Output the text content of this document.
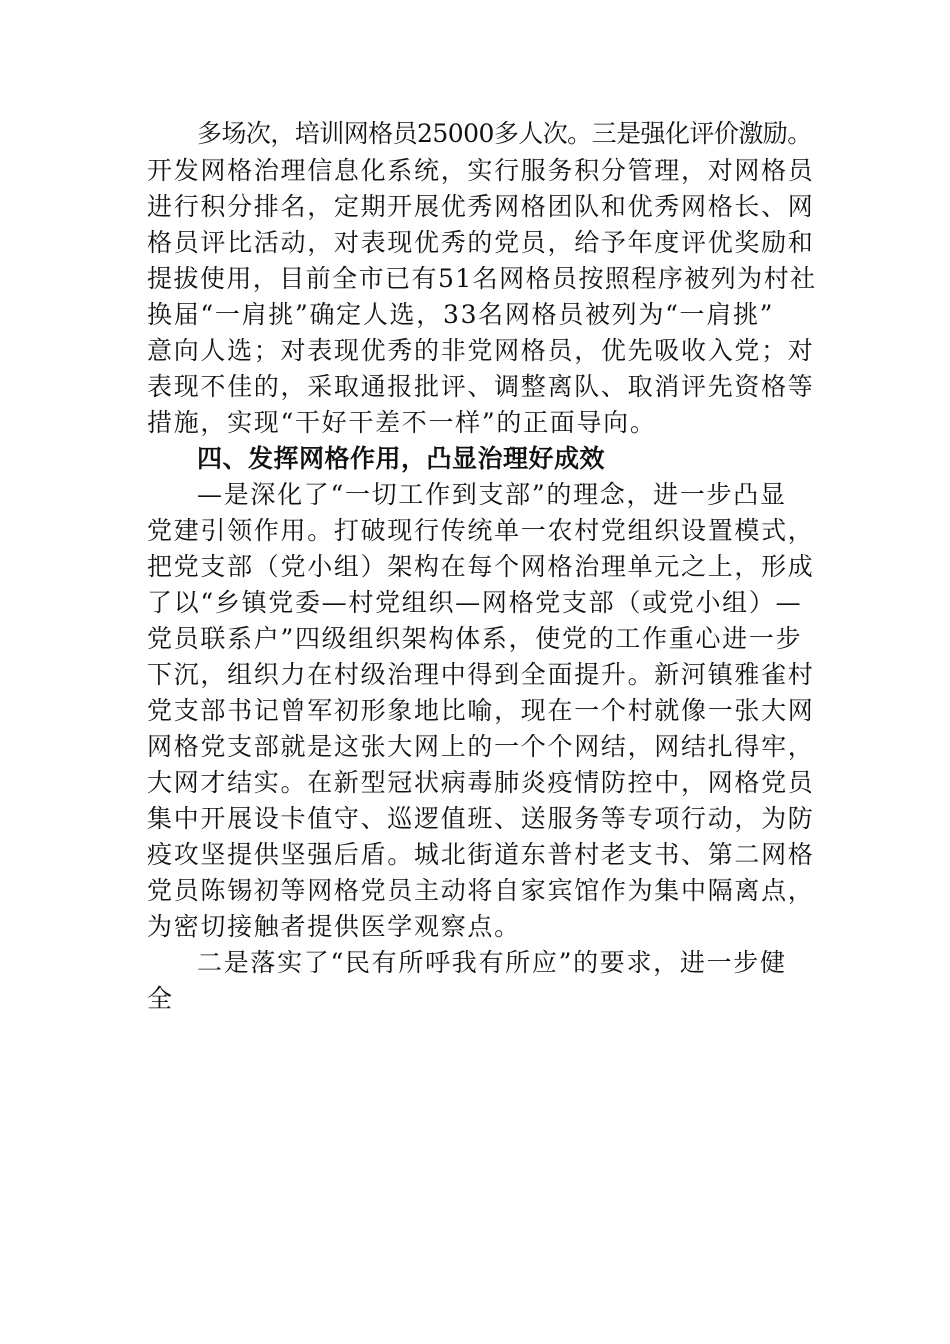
多场次，培训网格员25000多人次。三是强化评价激励。
开发网格治理信息化系统，实行服务积分管理，对网格员
进行积分排名，定期开展优秀网格团队和优秀网格长、网
格员评比活动，对表现优秀的党员，给予年度评优奖励和
提拔使用，目前全市已有51名网格员按照程序被列为村社
换届“一肩挑”确定人选，33名网格员被列为“一肩挑”
意向人选；对表现优秀的非党网格员，优先吸收入党；对
表现不佳的，采取通报批评、调整离队、取消评先资格等
措施，实现“干好干差不一样”的正面导向。
四、发挥网格作用，凸显治理好成效
—是深化了“一切工作到支部”的理念，进一步凸显
党建引领作用。打破现行传统单一农村党组织设置模式，
把党支部（党小组）架构在每个网格治理单元之上，形成
了以“乡镇党委—村党组织—网格党支部（或党小组）—
党员联系户”四级组织架构体系，使党的工作重心进一步
下沉，组织力在村级治理中得到全面提升。新河镇雅雀村
党支部书记曾军初形象地比喻，现在一个村就像一张大网
网格党支部就是这张大网上的一个个网结，网结扎得牢，
大网才结实。在新型冠状病毒肺炎疫情防控中，网格党员
集中开展设卡值守、巡逻值班、送服务等专项行动，为防
疫攻坚提供坚强后盾。城北街道东普村老支书、第二网格
党员陈锡初等网格党员主动将自家宾馆作为集中隔离点，
为密切接触者提供医学观察点。
二是落实了“民有所呼我有所应”的要求，进一步健
全
